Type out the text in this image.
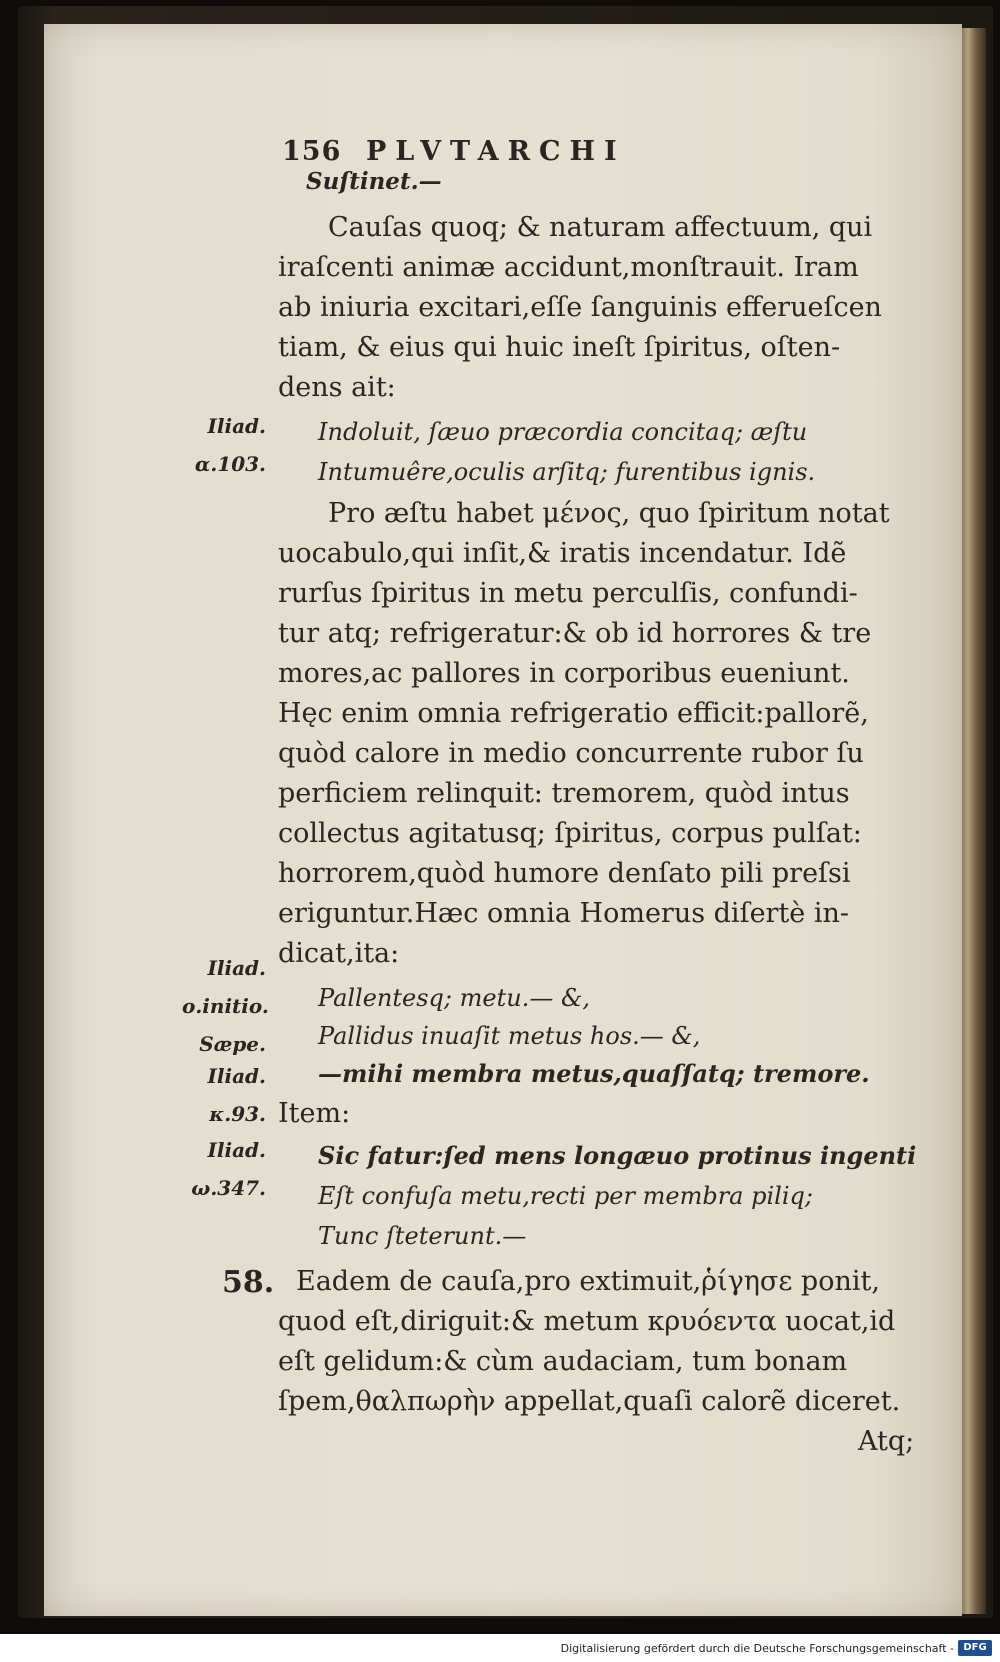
156 PLVTARCHI
Suſtinet.—
Cauſas quoq; & naturam affectuum, qui
iraſcenti animæ accidunt,monſtrauit. Iram
ab iniuria excitari,eſſe ſanguinis efferueſcen
tiam, & eius qui huic ineſt ſpiritus, oſten-
dens ait:
Indoluit, ſæuo præcordia concitaq; æſtu
Intumuêre,oculis arſitq; furentibus ignis.
Pro æſtu habet μένος, quo ſpiritum notat
uocabulo,qui inſit,& iratis incendatur. Idẽ
rurſus ſpiritus in metu perculſis, confundi-
tur atq; refrigeratur:& ob id horrores & tre
mores,ac pallores in corporibus eueniunt.
Hęc enim omnia refrigeratio efficit:pallorẽ,
quòd calore in medio concurrente rubor ſu
perficiem relinquit: tremorem, quòd intus
collectus agitatusq; ſpiritus, corpus pulſat:
horrorem,quòd humore denſato pili preſsi
eriguntur.Hæc omnia Homerus diſertè in-
dicat,ita:
Pallentesq; metu.— &,
Pallidus inuaſit metus hos.— &,
—mihi membra metus,quaſſatq; tremore.
Item:
Sic fatur:ſed mens longæuo protinus ingenti
Eſt confuſa metu,recti per membra piliq;
Tunc ſteterunt.—
58. Eadem de cauſa,pro extimuit,ῥίγησε ponit,
quod eſt,diriguit:& metum κρυόεντα uocat,id
eſt gelidum:& cùm audaciam, tum bonam
ſpem,θαλπωρὴν appellat,quaſi calorẽ diceret.
Atq;
Iliad.
α.103.
Iliad.
ο.initio.
Sæpe.
Iliad.
κ.93.
Iliad.
ω.347.
Digitalisierung gefördert durch die Deutsche Forschungsgemeinschaft - DFG
